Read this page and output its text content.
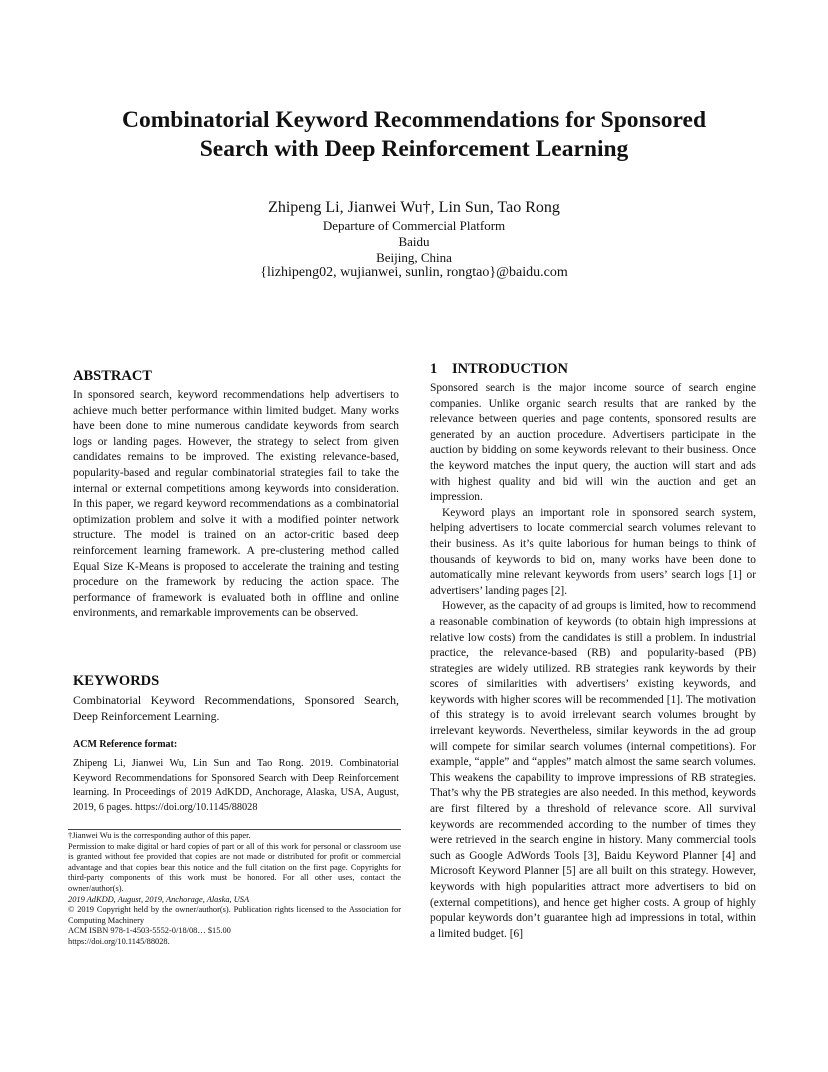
Combinatorial Keyword Recommendations for Sponsored
Search with Deep Reinforcement Learning
Zhipeng Li, Jianwei Wu†, Lin Sun, Tao Rong
Departure of Commercial Platform
Baidu
Beijing, China
{lizhipeng02, wujianwei, sunlin, rongtao}@baidu.com
ABSTRACT

In sponsored search, keyword recommendations help advertisers to achieve much better performance within limited budget. Many works have been done to mine numerous candidate keywords from search logs or landing pages. However, the strategy to select from given candidates remains to be improved. The existing relevance-based, popularity-based and regular combinatorial strategies fail to take the internal or external competitions among keywords into consideration. In this paper, we regard keyword recommendations as a combinatorial optimization problem and solve it with a modified pointer network structure. The model is trained on an actor-critic based deep reinforcement learning framework. A pre-clustering method called Equal Size K-Means is proposed to accelerate the training and testing procedure on the framework by reducing the action space. The performance of framework is evaluated both in offline and online environments, and remarkable improvements can be observed.

KEYWORDS

Combinatorial Keyword Recommendations, Sponsored Search, Deep Reinforcement Learning.

ACM Reference format:

Zhipeng Li, Jianwei Wu, Lin Sun and Tao Rong. 2019. Combinatorial Keyword Recommendations for Sponsored Search with Deep Reinforcement learning. In Proceedings of 2019 AdKDD, Anchorage, Alaska, USA, August, 2019, 6 pages. https://doi.org/10.1145/88028

†Jianwei Wu is the corresponding author of this paper.

Permission to make digital or hard copies of part or all of this work for personal or classroom use is granted without fee provided that copies are not made or distributed for profit or commercial advantage and that copies bear this notice and the full citation on the first page. Copyrights for third-party components of this work must be honored. For all other uses, contact the owner/author(s).

2019 AdKDD, August, 2019, Anchorage, Alaska, USA

© 2019 Copyright held by the owner/author(s). Publication rights licensed to the Association for Computing Machinery

ACM ISBN 978-1-4503-5552-0/18/08… $15.00

https://doi.org/10.1145/88028.

1 INTRODUCTION

Sponsored search is the major income source of search engine companies. Unlike organic search results that are ranked by the relevance between queries and page contents, sponsored results are generated by an auction procedure. Advertisers participate in the auction by bidding on some keywords relevant to their business. Once the keyword matches the input query, the auction will start and ads with highest quality and bid will win the auction and get an impression.

Keyword plays an important role in sponsored search system, helping advertisers to locate commercial search volumes relevant to their business. As it’s quite laborious for human beings to think of thousands of keywords to bid on, many works have been done to automatically mine relevant keywords from users’ search logs [1] or advertisers’ landing pages [2].

However, as the capacity of ad groups is limited, how to recommend a reasonable combination of keywords (to obtain high impressions at relative low costs) from the candidates is still a problem. In industrial practice, the relevance-based (RB) and popularity-based (PB) strategies are widely utilized. RB strategies rank keywords by their scores of similarities with advertisers’ existing keywords, and keywords with higher scores will be recommended [1]. The motivation of this strategy is to avoid irrelevant search volumes brought by irrelevant keywords. Nevertheless, similar keywords in the ad group will compete for similar search volumes (internal competitions). For example, “apple” and “apples” match almost the same search volumes. This weakens the capability to improve impressions of RB strategies. That’s why the PB strategies are also needed. In this method, keywords are first filtered by a threshold of relevance score. All survival keywords are recommended according to the number of times they were retrieved in the search engine in history. Many commercial tools such as Google AdWords Tools [3], Baidu Keyword Planner [4] and Microsoft Keyword Planner [5] are all built on this strategy. However, keywords with high popularities attract more advertisers to bid on (external competitions), and hence get higher costs. A group of highly popular keywords don’t guarantee high ad impressions in total, within a limited budget. [6]
